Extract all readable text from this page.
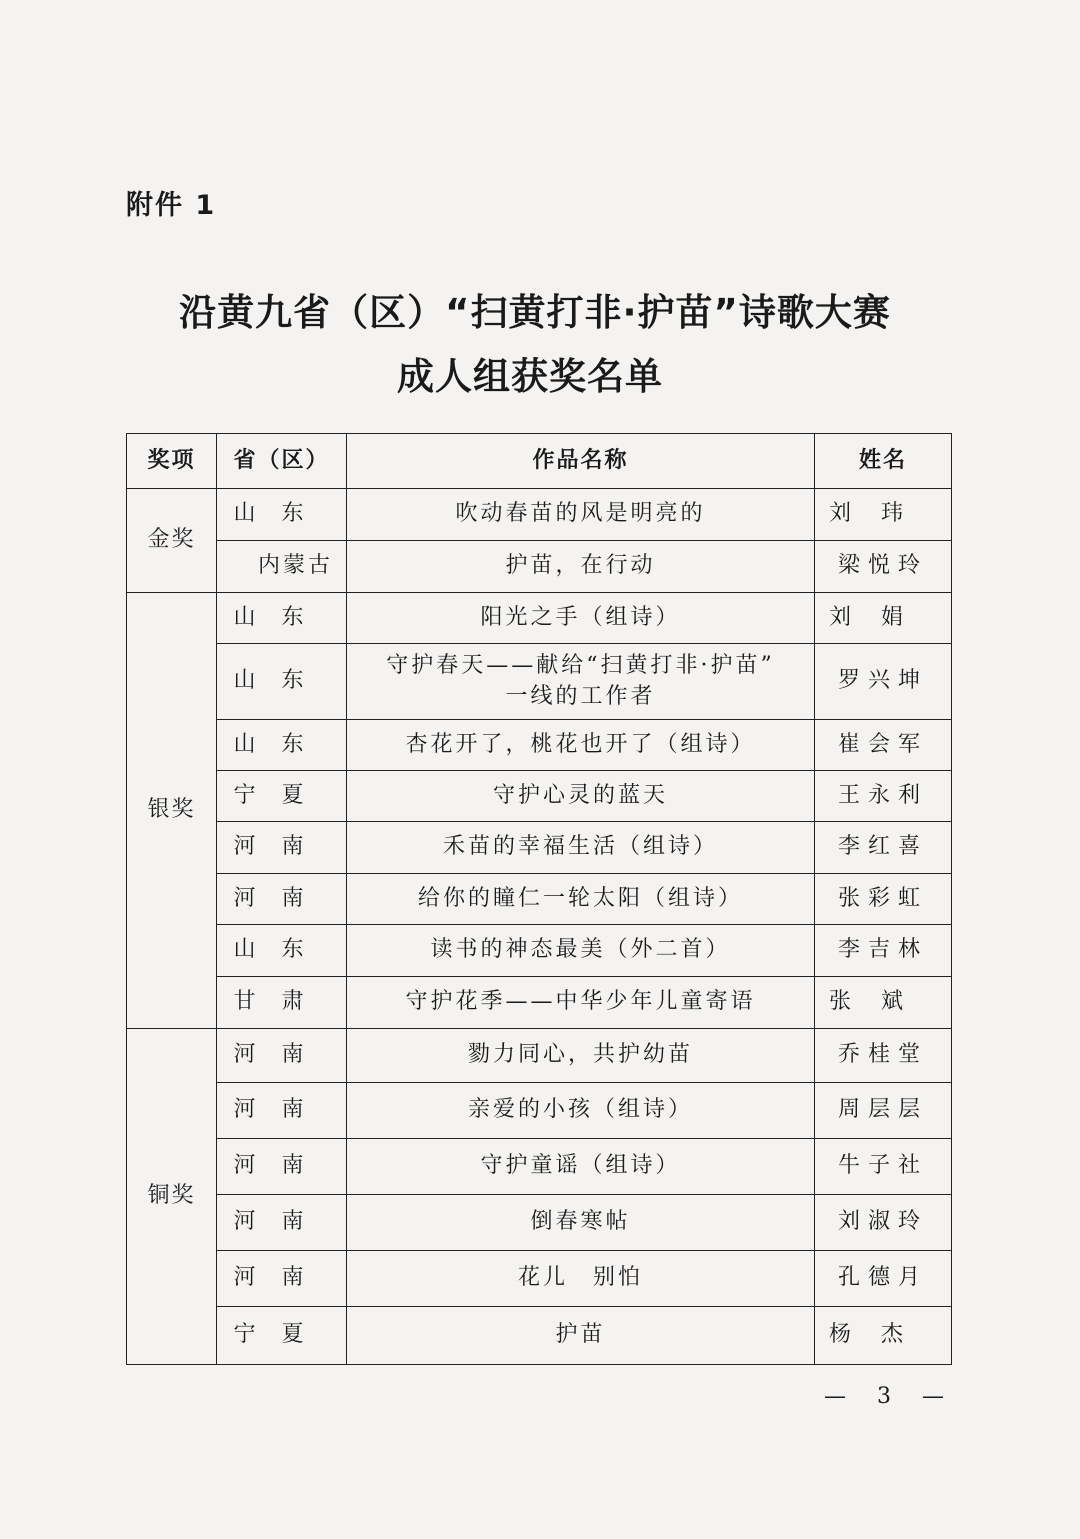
附件 1
沿黄九省（区）“扫黄打非·护苗”诗歌大赛
成人组获奖名单
奖项	省（区）	作品名称	姓名
金奖	山东	吹动春苗的风是明亮的	刘玮
	内蒙古	护苗，在行动	梁悦玲
银奖	山东	阳光之手（组诗）	刘娟
	山东	守护春天——献给“扫黄打非·护苗”
一线的工作者	罗兴坤
	山东	杏花开了，桃花也开了（组诗）	崔会军
	宁夏	守护心灵的蓝天	王永利
	河南	禾苗的幸福生活（组诗）	李红喜
	河南	给你的瞳仁一轮太阳（组诗）	张彩虹
	山东	读书的神态最美（外二首）	李吉林
	甘肃	守护花季——中华少年儿童寄语	张斌
铜奖	河南	勠力同心，共护幼苗	乔桂堂
	河南	亲爱的小孩（组诗）	周层层
	河南	守护童谣（组诗）	牛子社
	河南	倒春寒帖	刘淑玲
	河南	花儿　别怕	孔德月
	宁夏	护苗	杨杰
— 3 —
